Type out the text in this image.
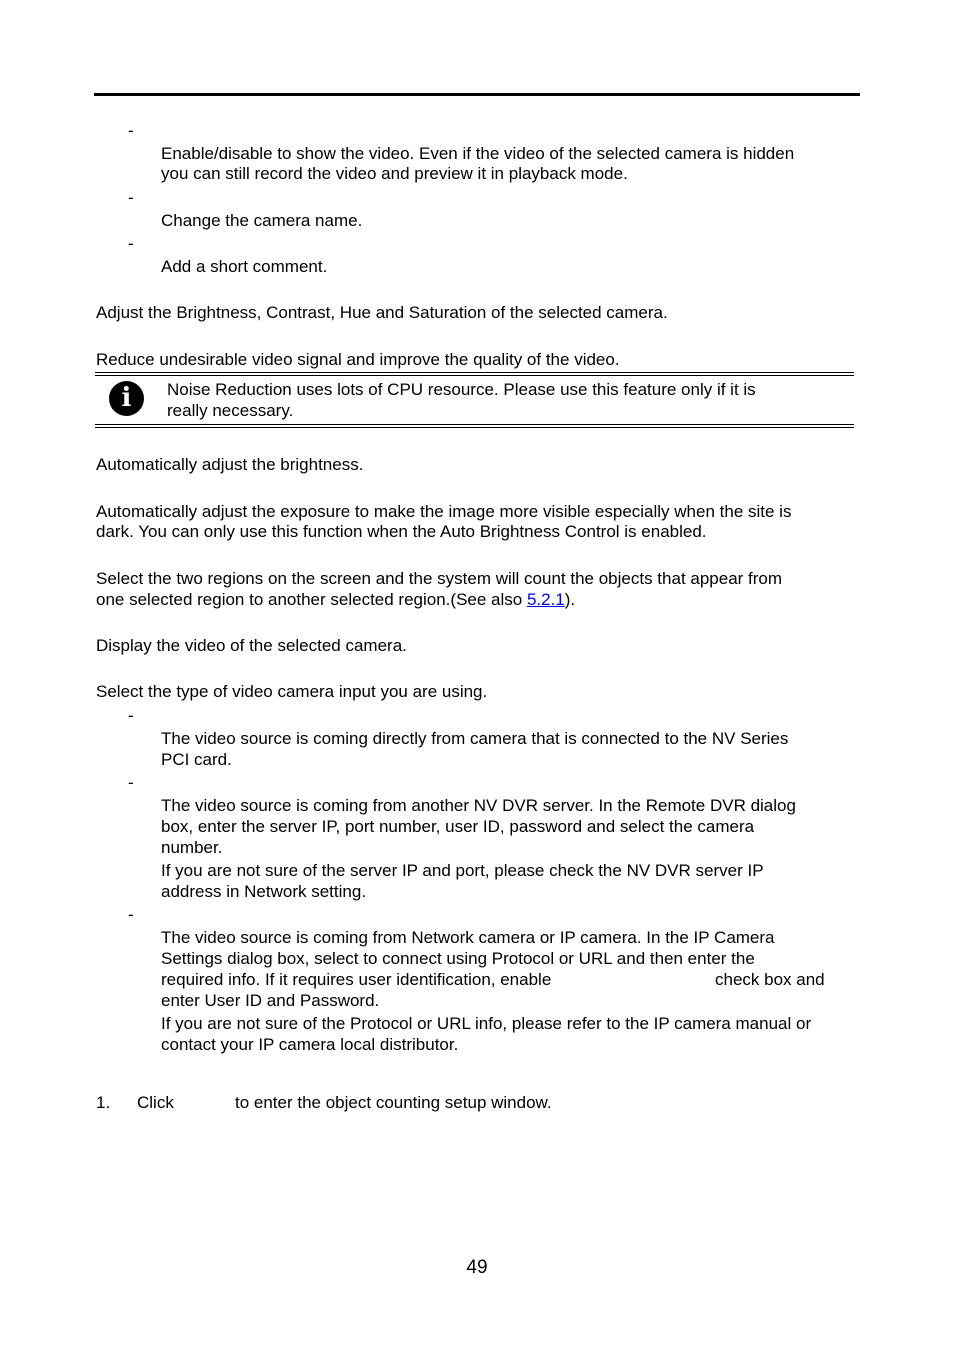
-
Enable/disable to show the video. Even if the video of the selected camera is hidden
you can still record the video and preview it in playback mode.
-
Change the camera name.
-
Add a short comment.
Adjust the Brightness, Contrast, Hue and Saturation of the selected camera.
Reduce undesirable video signal and improve the quality of the video.
i	Noise Reduction uses lots of CPU resource. Please use this feature only if it is
really necessary.
Automatically adjust the brightness.
Automatically adjust the exposure to make the image more visible especially when the site is
dark. You can only use this function when the Auto Brightness Control is enabled.
Select the two regions on the screen and the system will count the objects that appear from
one selected region to another selected region.(See also 5.2.1).
Display the video of the selected camera.
Select the type of video camera input you are using.
-
The video source is coming directly from camera that is connected to the NV Series
PCI card.
-
The video source is coming from another NV DVR server. In the Remote DVR dialog
box, enter the server IP, port number, user ID, password and select the camera
number.
If you are not sure of the server IP and port, please check the NV DVR server IP
address in Network setting.
-
The video source is coming from Network camera or IP camera. In the IP Camera
Settings dialog box, select to connect using Protocol or URL and then enter the
required info. If it requires user identification, enable	check box and
enter User ID and Password.
If you are not sure of the Protocol or URL info, please refer to the IP camera manual or
contact your IP camera local distributor.
1. Click	to enter the object counting setup window.
49
